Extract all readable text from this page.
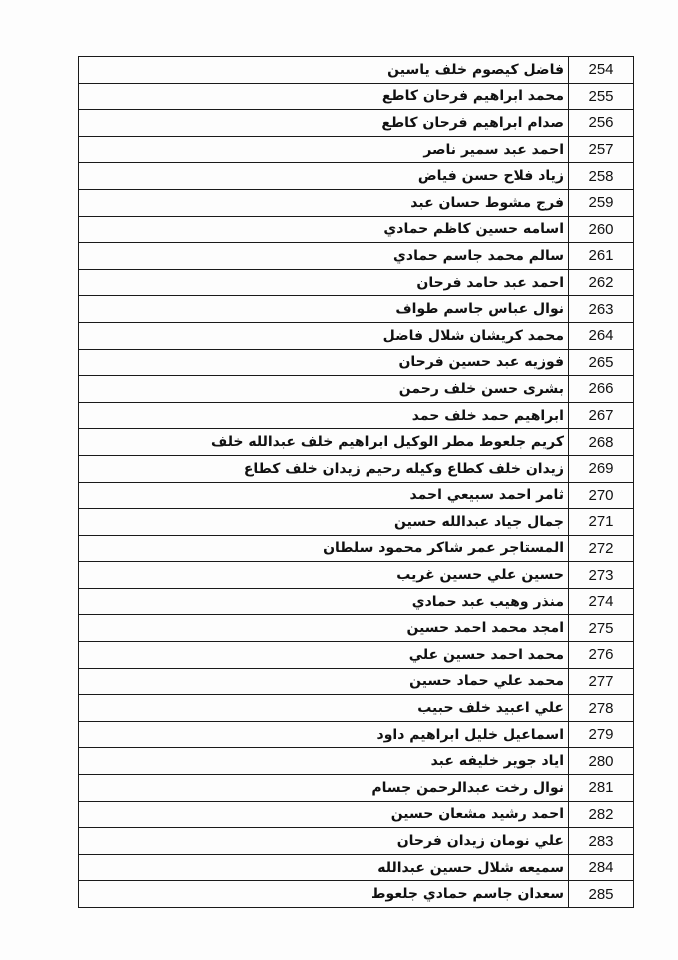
254	فاضل كيصوم خلف ياسين
255	محمد ابراهيم فرحان كاطع
256	صدام ابراهيم فرحان كاطع
257	احمد عبد سمير ناصر
258	زياد فلاح حسن فياض
259	فرج مشوط حسان عبد
260	اسامه حسين كاظم حمادي
261	سالم محمد جاسم حمادي
262	احمد عبد حامد فرحان
263	نوال عباس جاسم طواف
264	محمد كريشان شلال فاضل
265	فوزيه عبد حسين فرحان
266	بشرى حسن خلف رحمن
267	ابراهيم حمد خلف حمد
268	كريم جلعوط مطر الوكيل ابراهيم خلف عبدالله خلف
269	زيدان خلف كطاع وكيله رحيم زيدان خلف كطاع
270	ثامر احمد سبيعي احمد
271	جمال جياد عبدالله حسين
272	المستاجر عمر شاكر محمود سلطان
273	حسين علي حسين غريب
274	منذر وهيب عبد حمادي
275	امجد محمد احمد حسين
276	محمد احمد حسين علي
277	محمد علي حماد حسين
278	علي اعبيد خلف حبيب
279	اسماعيل خليل ابراهيم داود
280	اياد جوير خليفه عبد
281	نوال رخت عبدالرحمن جسام
282	احمد رشيد مشعان حسين
283	علي نومان زيدان فرحان
284	سميعه شلال حسين عبدالله
285	سعدان جاسم حمادي جلعوط
